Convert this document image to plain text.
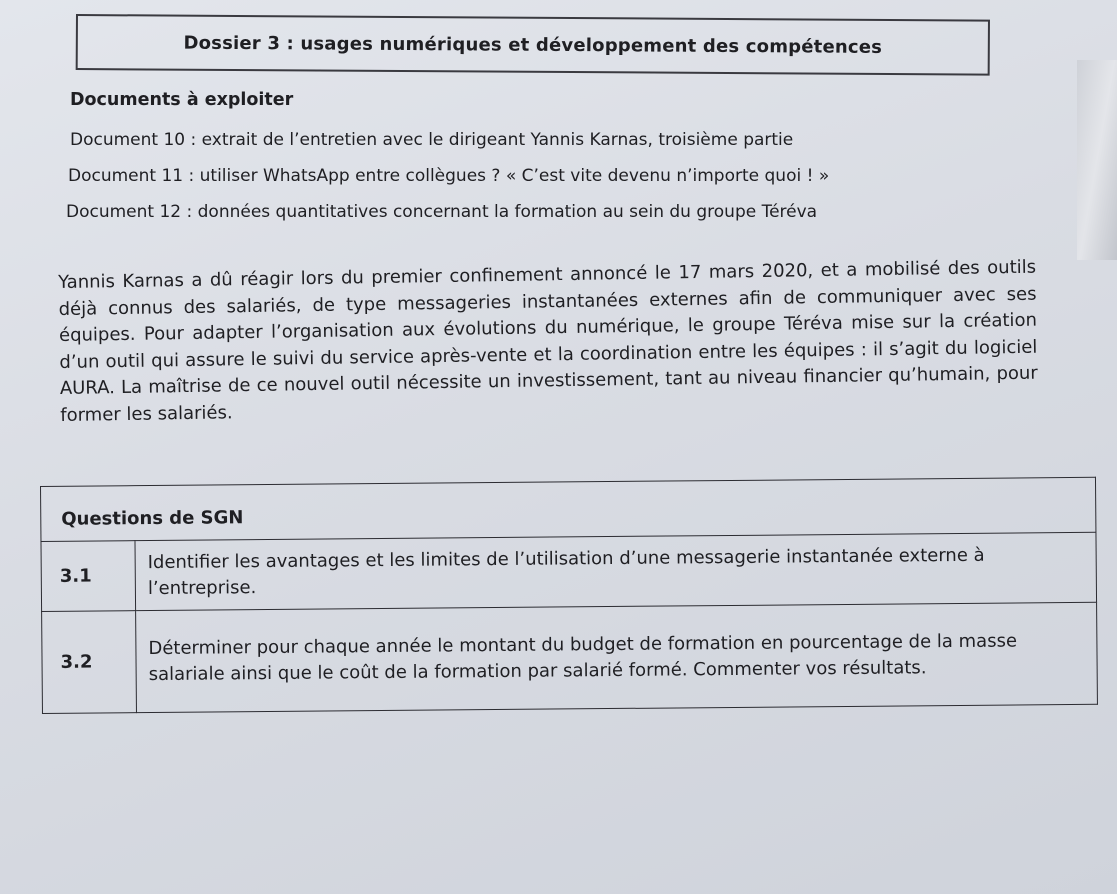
Dossier 3 : usages numériques et développement des compétences
Documents à exploiter
Document 10 : extrait de l’entretien avec le dirigeant Yannis Karnas, troisième partie
Document 11 : utiliser WhatsApp entre collègues ? « C’est vite devenu n’importe quoi ! »
Document 12 : données quantitatives concernant la formation au sein du groupe Téréva
Yannis Karnas a dû réagir lors du premier confinement annoncé le 17 mars 2020, et a mobilisé des outils déjà connus des salariés, de type messageries instantanées externes afin de communiquer avec ses équipes. Pour adapter l’organisation aux évolutions du numérique, le groupe Téréva mise sur la création d’un outil qui assure le suivi du service après-vente et la coordination entre les équipes : il s’agit du logiciel AURA. La maîtrise de ce nouvel outil nécessite un investissement, tant au niveau financier qu’humain, pour former les salariés.
Questions de SGN	
3.1	Identifier les avantages et les limites de l’utilisation d’une messagerie instantanée externe à l’entreprise.
3.2	Déterminer pour chaque année le montant du budget de formation en pourcentage de la masse salariale ainsi que le coût de la formation par salarié formé. Commenter vos résultats.
